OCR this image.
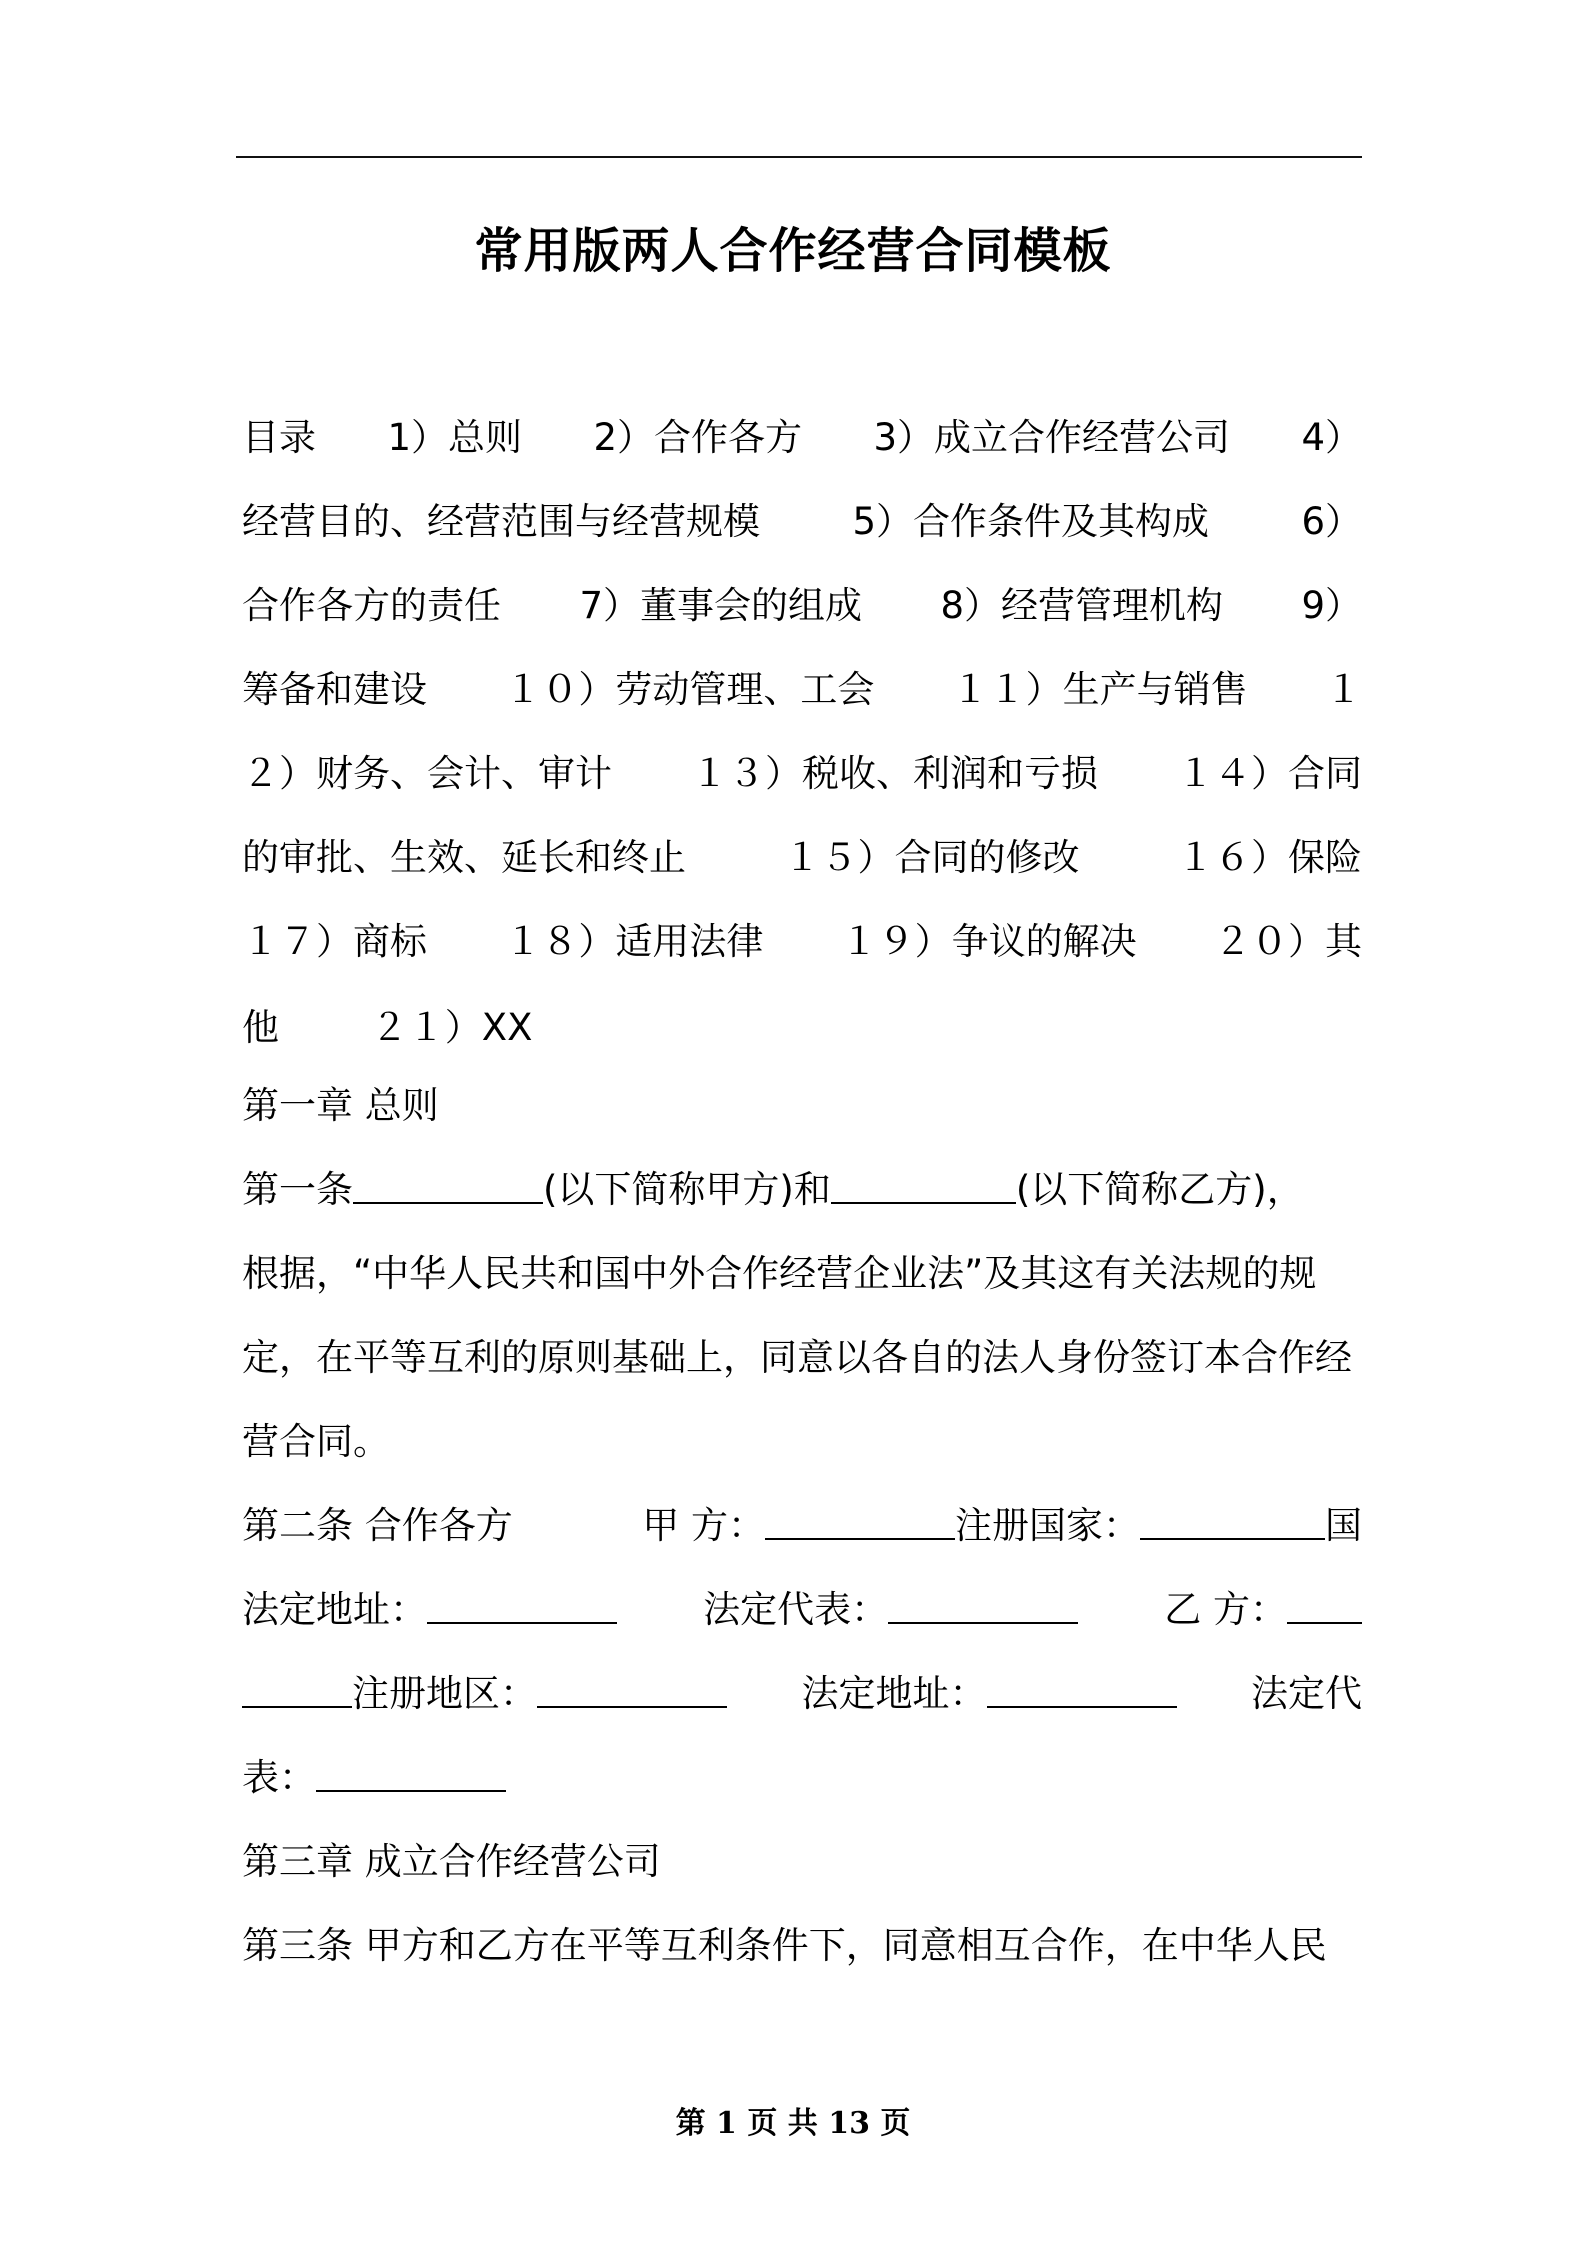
常用版两人合作经营合同模板
目录 1）总则 2）合作各方 3）成立合作经营公司 4）
经营目的、经营范围与经营规模 5）合作条件及其构成 6）
合作各方的责任 7）董事会的组成 8）经营管理机构 9）
筹备和建设 １０）劳动管理、工会 １１）生产与销售 １
２）财务、会计、审计 １３）税收、利润和亏损 １４）合同
的审批、生效、延长和终止	１５）合同的修改	１６）保险
１７）商标 １８）适用法律 １９）争议的解决 ２０）其
他 ２１）XX
第一章 总则
第一条	(以下简称甲方)和	(以下简称乙方)，
根据，“中华人民共和国中外合作经营企业法”及其这有关法规的规
定，在平等互利的原则基础上，同意以各自的法人身份签订本合作经
营合同。
第二条 合作各方	甲 方：	注册国家：	国
法定地址：	法定代表：	乙 方：
注册地区：	法定地址：	法定代
表：
第三章 成立合作经营公司
第三条 甲方和乙方在平等互利条件下，同意相互合作，在中华人民
第 1 页 共 13 页
